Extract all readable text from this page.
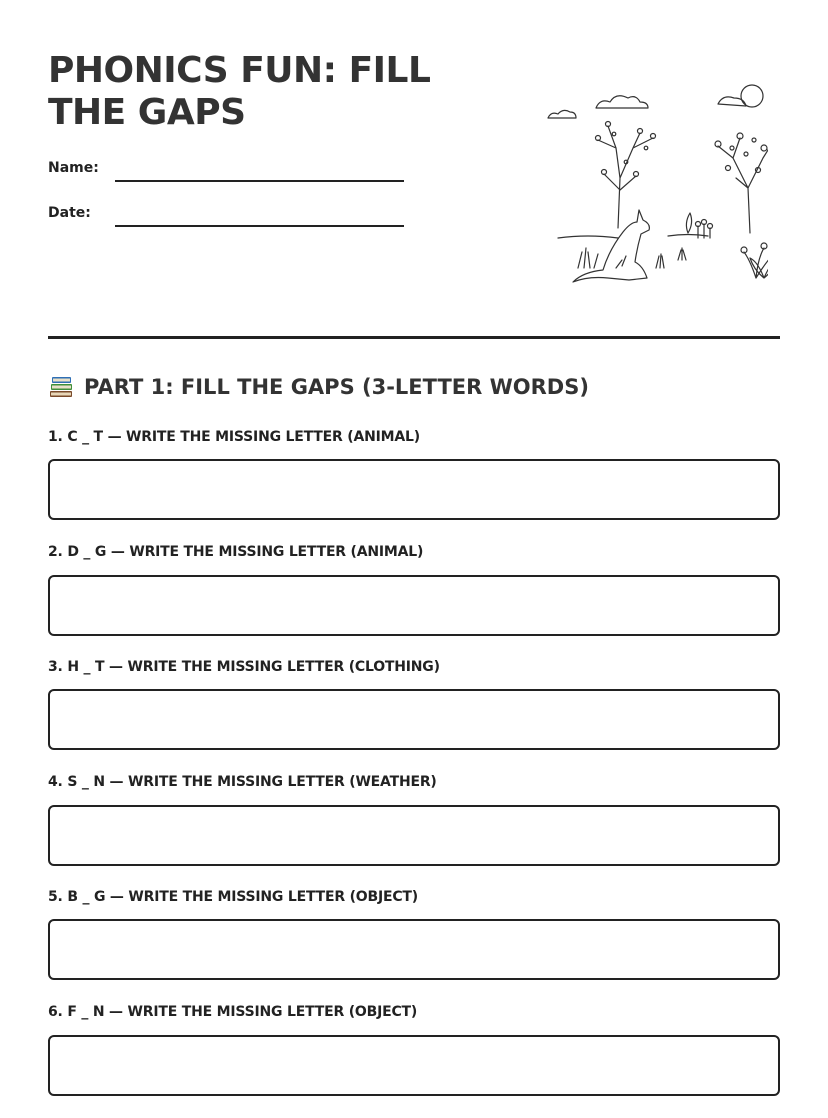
PHONICS FUN: FILL THE GAPS
Name:
Date:
PART 1: FILL THE GAPS (3-LETTER WORDS)
1. C _ T — WRITE THE MISSING LETTER (ANIMAL)
2. D _ G — WRITE THE MISSING LETTER (ANIMAL)
3. H _ T — WRITE THE MISSING LETTER (CLOTHING)
4. S _ N — WRITE THE MISSING LETTER (WEATHER)
5. B _ G — WRITE THE MISSING LETTER (OBJECT)
6. F _ N — WRITE THE MISSING LETTER (OBJECT)
